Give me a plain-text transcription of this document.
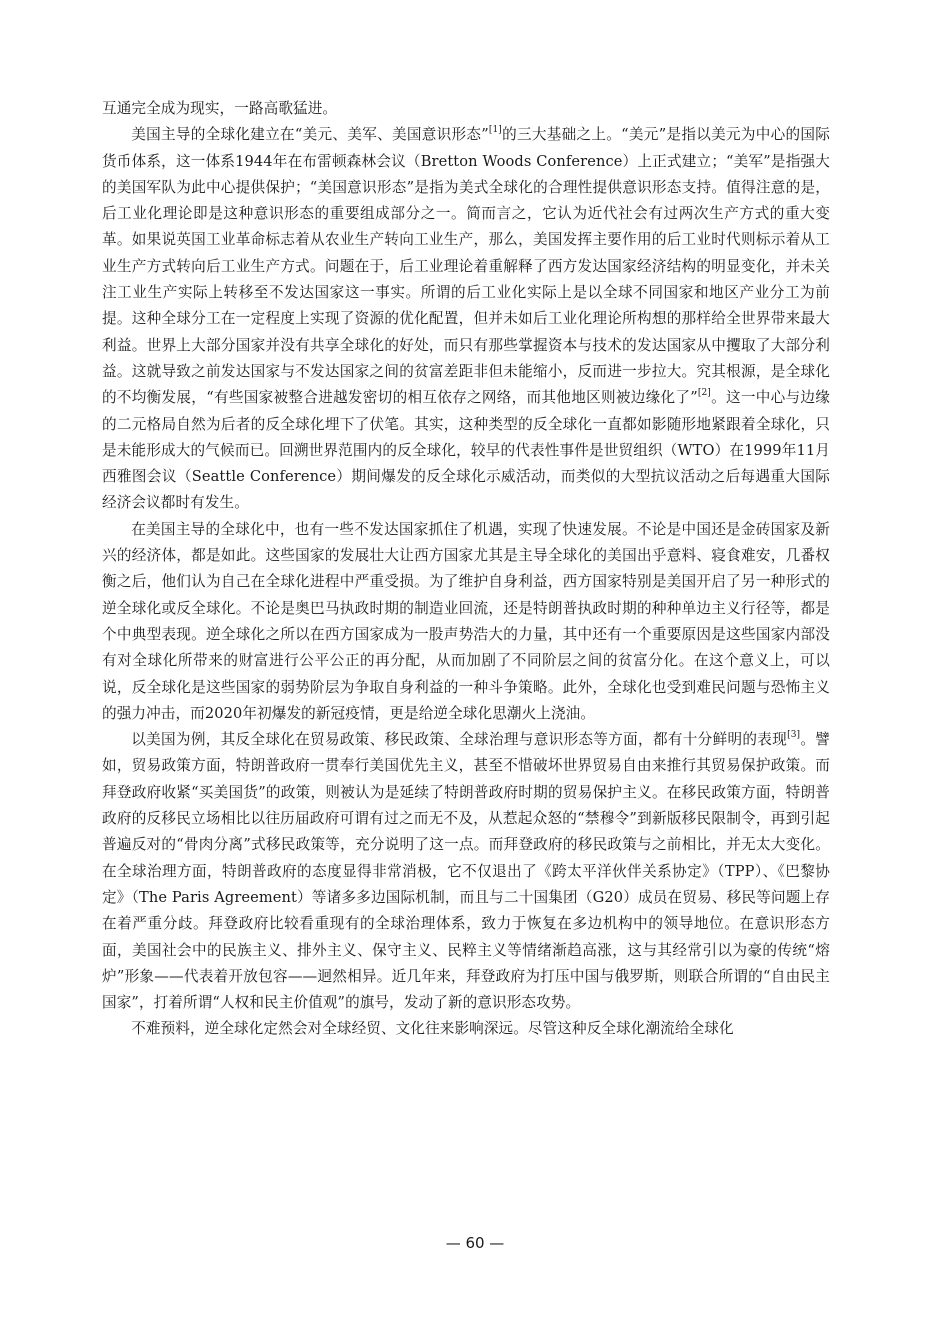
互通完全成为现实，一路高歌猛进。

美国主导的全球化建立在“美元、美军、美国意识形态”[1]的三大基础之上。“美元”是指以美元为中心的国际货币体系，这一体系1944年在布雷顿森林会议（Bretton Woods Conference）上正式建立；“美军”是指强大的美国军队为此中心提供保护；“美国意识形态”是指为美式全球化的合理性提供意识形态支持。值得注意的是，后工业化理论即是这种意识形态的重要组成部分之一。简而言之，它认为近代社会有过两次生产方式的重大变革。如果说英国工业革命标志着从农业生产转向工业生产，那么，美国发挥主要作用的后工业时代则标示着从工业生产方式转向后工业生产方式。问题在于，后工业理论着重解释了西方发达国家经济结构的明显变化，并未关注工业生产实际上转移至不发达国家这一事实。所谓的后工业化实际上是以全球不同国家和地区产业分工为前提。这种全球分工在一定程度上实现了资源的优化配置，但并未如后工业化理论所构想的那样给全世界带来最大利益。世界上大部分国家并没有共享全球化的好处，而只有那些掌握资本与技术的发达国家从中攫取了大部分利益。这就导致之前发达国家与不发达国家之间的贫富差距非但未能缩小，反而进一步拉大。究其根源，是全球化的不均衡发展，“有些国家被整合进越发密切的相互依存之网络，而其他地区则被边缘化了”[2]。这一中心与边缘的二元格局自然为后者的反全球化埋下了伏笔。其实，这种类型的反全球化一直都如影随形地紧跟着全球化，只是未能形成大的气候而已。回溯世界范围内的反全球化，较早的代表性事件是世贸组织（WTO）在1999年11月西雅图会议（Seattle Conference）期间爆发的反全球化示威活动，而类似的大型抗议活动之后每遇重大国际经济会议都时有发生。

在美国主导的全球化中，也有一些不发达国家抓住了机遇，实现了快速发展。不论是中国还是金砖国家及新兴的经济体，都是如此。这些国家的发展壮大让西方国家尤其是主导全球化的美国出乎意料、寝食难安，几番权衡之后，他们认为自己在全球化进程中严重受损。为了维护自身利益，西方国家特别是美国开启了另一种形式的逆全球化或反全球化。不论是奥巴马执政时期的制造业回流，还是特朗普执政时期的种种单边主义行径等，都是个中典型表现。逆全球化之所以在西方国家成为一股声势浩大的力量，其中还有一个重要原因是这些国家内部没有对全球化所带来的财富进行公平公正的再分配，从而加剧了不同阶层之间的贫富分化。在这个意义上，可以说，反全球化是这些国家的弱势阶层为争取自身利益的一种斗争策略。此外，全球化也受到难民问题与恐怖主义的强力冲击，而2020年初爆发的新冠疫情，更是给逆全球化思潮火上浇油。

以美国为例，其反全球化在贸易政策、移民政策、全球治理与意识形态等方面，都有十分鲜明的表现[3]。譬如，贸易政策方面，特朗普政府一贯奉行美国优先主义，甚至不惜破坏世界贸易自由来推行其贸易保护政策。而拜登政府收紧“买美国货”的政策，则被认为是延续了特朗普政府时期的贸易保护主义。在移民政策方面，特朗普政府的反移民立场相比以往历届政府可谓有过之而无不及，从惹起众怒的“禁穆令”到新版移民限制令，再到引起普遍反对的“骨肉分离”式移民政策等，充分说明了这一点。而拜登政府的移民政策与之前相比，并无太大变化。在全球治理方面，特朗普政府的态度显得非常消极，它不仅退出了《跨太平洋伙伴关系协定》（TPP）、《巴黎协定》（The Paris Agreement）等诸多多边国际机制，而且与二十国集团（G20）成员在贸易、移民等问题上存在着严重分歧。拜登政府比较看重现有的全球治理体系，致力于恢复在多边机构中的领导地位。在意识形态方面，美国社会中的民族主义、排外主义、保守主义、民粹主义等情绪渐趋高涨，这与其经常引以为豪的传统“熔炉”形象——代表着开放包容——迥然相异。近几年来，拜登政府为打压中国与俄罗斯，则联合所谓的“自由民主国家”，打着所谓“人权和民主价值观”的旗号，发动了新的意识形态攻势。

不难预料，逆全球化定然会对全球经贸、文化往来影响深远。尽管这种反全球化潮流给全球化

— 60 —
